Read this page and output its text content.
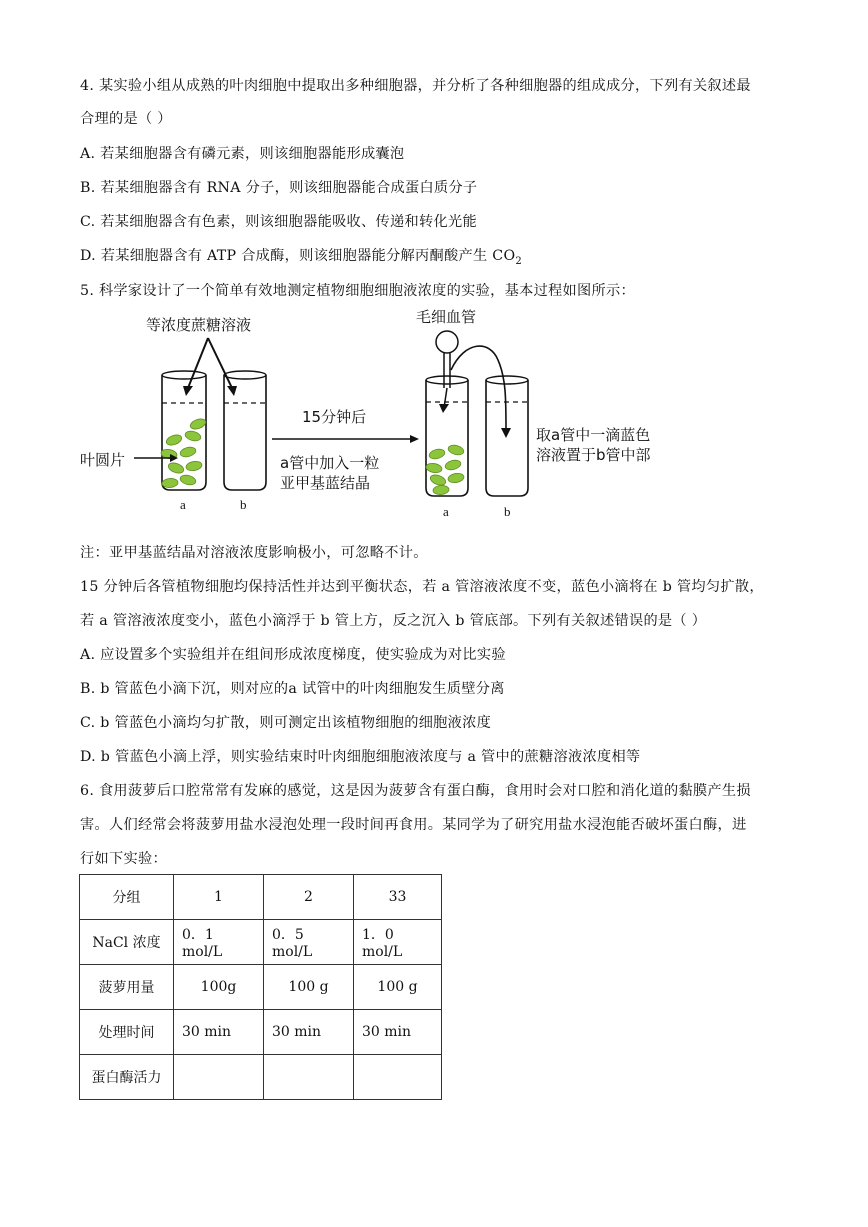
4. 某实验小组从成熟的叶肉细胞中提取出多种细胞器，并分析了各种细胞器的组成成分，下列有关叙述最
合理的是（ ）
A. 若某细胞器含有磷元素，则该细胞器能形成囊泡
B. 若某细胞器含有 RNA 分子，则该细胞器能合成蛋白质分子
C. 若某细胞器含有色素，则该细胞器能吸收、传递和转化光能
D. 若某细胞器含有 ATP 合成酶，则该细胞器能分解丙酮酸产生 $CO_2$
5. 科学家设计了一个简单有效地测定植物细胞细胞液浓度的实验，基本过程如图所示：
等浓度蔗糖溶液
叶圆片
a	b
15分钟后
a管中加入一粒
亚甲基蓝结晶
毛细血管
取a管中一滴蓝色
溶液置于b管中部
a	b
注：亚甲基蓝结晶对溶液浓度影响极小，可忽略不计。
15 分钟后各管植物细胞均保持活性并达到平衡状态，若 a 管溶液浓度不变，蓝色小滴将在 b 管均匀扩散，
若 a 管溶液浓度变小，蓝色小滴浮于 b 管上方，反之沉入 b 管底部。下列有关叙述错误的是（ ）
A. 应设置多个实验组并在组间形成浓度梯度，使实验成为对比实验
B. b 管蓝色小滴下沉，则对应的a 试管中的叶肉细胞发生质壁分离
C. b 管蓝色小滴均匀扩散，则可测定出该植物细胞的细胞液浓度
D. b 管蓝色小滴上浮，则实验结束时叶肉细胞细胞液浓度与 a 管中的蔗糖溶液浓度相等
6. 食用菠萝后口腔常常有发麻的感觉，这是因为菠萝含有蛋白酶，食用时会对口腔和消化道的黏膜产生损
害。人们经常会将菠萝用盐水浸泡处理一段时间再食用。某同学为了研究用盐水浸泡能否破坏蛋白酶，进
行如下实验：
分组	1	2	33
NaCl 浓度	0．1 mol/L	0．5 mol/L	1．0 mol/L
菠萝用量	100g	100 g	100 g
处理时间	30 min	30 min	30 min
蛋白酶活力			
